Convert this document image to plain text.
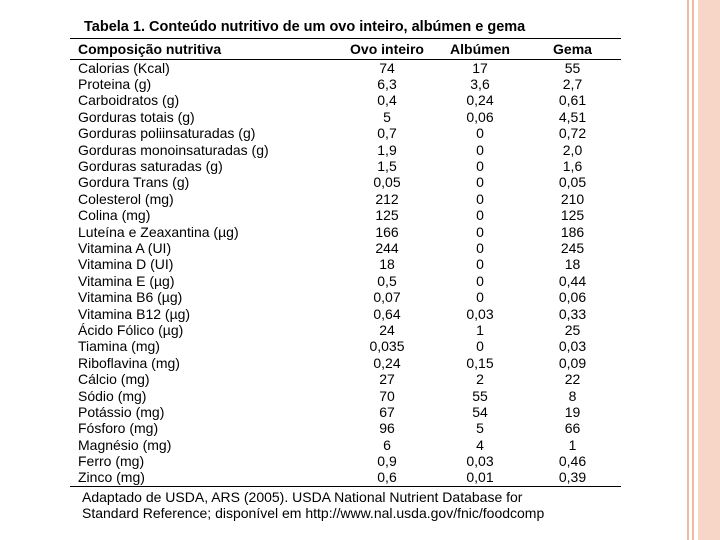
Tabela 1. Conteúdo nutritivo de um ovo inteiro, albúmen e gema
Composição nutritiva	Ovo inteiro	Albúmen	Gema
Calorias (Kcal)	74	17	55
Proteina (g)	6,3	3,6	2,7
Carboidratos (g)	0,4	0,24	0,61
Gorduras totais (g)	5	0,06	4,51
Gorduras poliinsaturadas (g)	0,7	0	0,72
Gorduras monoinsaturadas (g)	1,9	0	2,0
Gorduras saturadas (g)	1,5	0	1,6
Gordura Trans (g)	0,05	0	0,05
Colesterol (mg)	212	0	210
Colina (mg)	125	0	125
Luteína e Zeaxantina (µg)	166	0	186
Vitamina A (UI)	244	0	245
Vitamina D (UI)	18	0	18
Vitamina E (µg)	0,5	0	0,44
Vitamina B6 (µg)	0,07	0	0,06
Vitamina B12 (µg)	0,64	0,03	0,33
Ácido Fólico (µg)	24	1	25
Tiamina (mg)	0,035	0	0,03
Riboflavina (mg)	0,24	0,15	0,09
Cálcio (mg)	27	2	22
Sódio (mg)	70	55	8
Potássio (mg)	67	54	19
Fósforo (mg)	96	5	66
Magnésio (mg)	6	4	1
Ferro (mg)	0,9	0,03	0,46
Zinco (mg)	0,6	0,01	0,39
Adaptado de USDA, ARS (2005). USDA National Nutrient Database for
Standard Reference; disponível em http://www.nal.usda.gov/fnic/foodcomp
